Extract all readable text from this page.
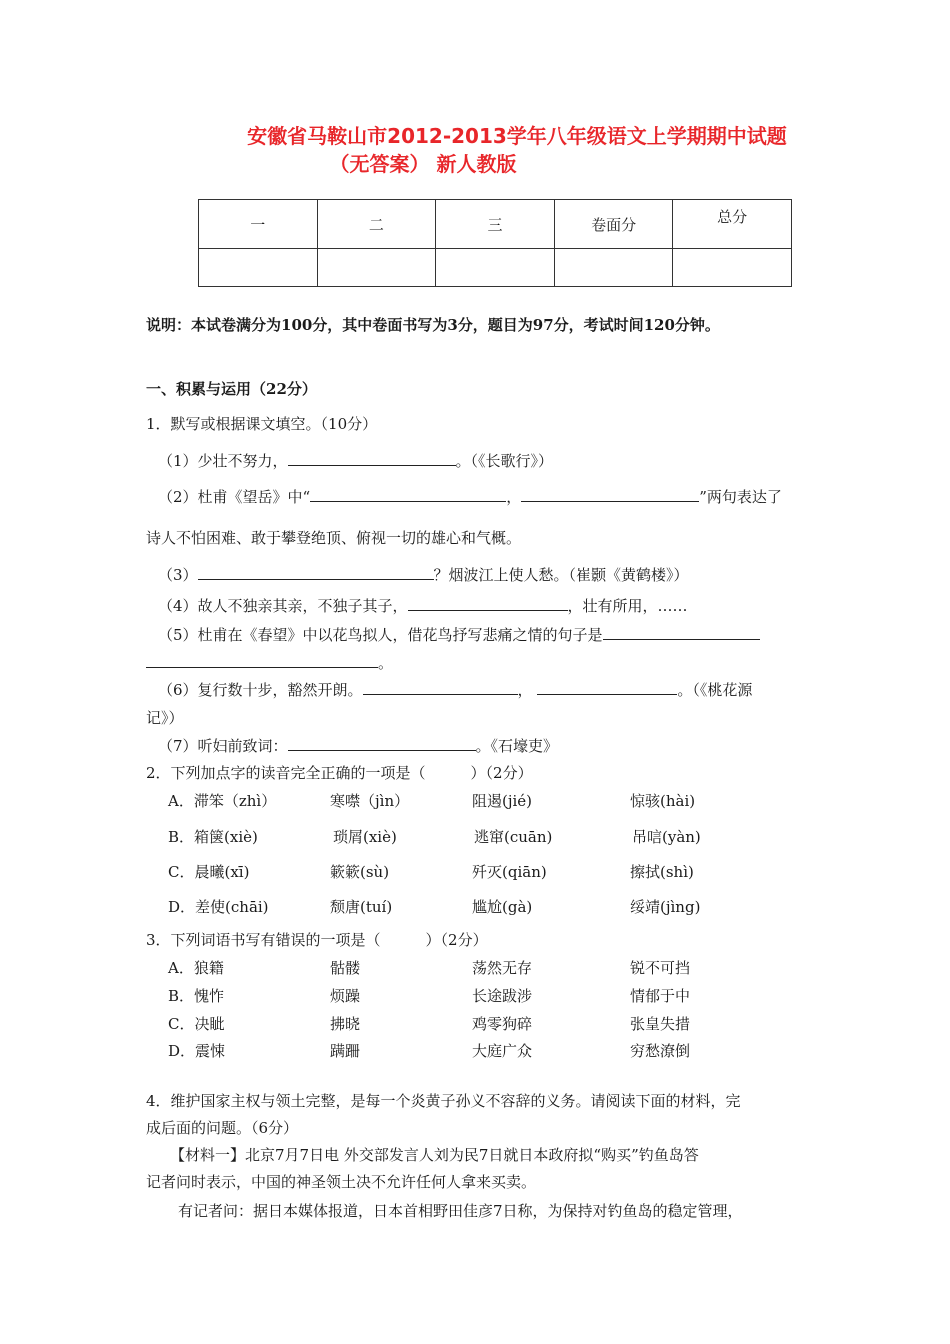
安徽省马鞍山市2012-2013学年八年级语文上学期期中试题
（无答案） 新人教版
一	二	三	卷面分	总分

说明：本试卷满分为100分，其中卷面书写为3分，题目为97分，考试时间120分钟。
一、积累与运用（22分）
1．默写或根据课文填空。（10分）
（1）少壮不努力，	。（《长歌行》）
（2）杜甫《望岳》中“	，	”两句表达了
诗人不怕困难、敢于攀登绝顶、俯视一切的雄心和气概。
（3）	？烟波江上使人愁。（崔颢《黄鹤楼》）
（4）故人不独亲其亲，不独子其子，	，壮有所用，……
（5）杜甫在《春望》中以花鸟拟人，借花鸟抒写悲痛之情的句子是
。
（6）复行数十步，豁然开朗。	，	。（《桃花源
记》）
（7）听妇前致词：	。《石壕吏》
2．下列加点字的读音完全正确的一项是（　　　）（2分）
A．滞笨（zhì）	寒噤（jìn）	阻遏(jié)	惊骇(hài)
B．箱箧(xiè)	琐屑(xiè)	逃窜(cuān)	吊唁(yàn)
C．晨曦(xī)	簌簌(sù)	歼灭(qiān)	擦拭(shì)
D．差使(chāi)	颓唐(tuí)	尴尬(gà)	绥靖(jìng)
3．下列词语书写有错误的一项是（　　　）（2分）
A．狼籍	骷髅	荡然无存	锐不可挡
B．愧怍	烦躁	长途跋涉	情郁于中
C．决眦	拂晓	鸡零狗碎	张皇失措
D．震悚	蹒跚	大庭广众	穷愁潦倒
4．维护国家主权与领土完整，是每一个炎黄子孙义不容辞的义务。请阅读下面的材料，完
成后面的问题。（6分）
【材料一】北京7月7日电 外交部发言人刘为民7日就日本政府拟“购买”钓鱼岛答
记者问时表示，中国的神圣领土决不允许任何人拿来买卖。
有记者问：据日本媒体报道，日本首相野田佳彦7日称，为保持对钓鱼岛的稳定管理，
